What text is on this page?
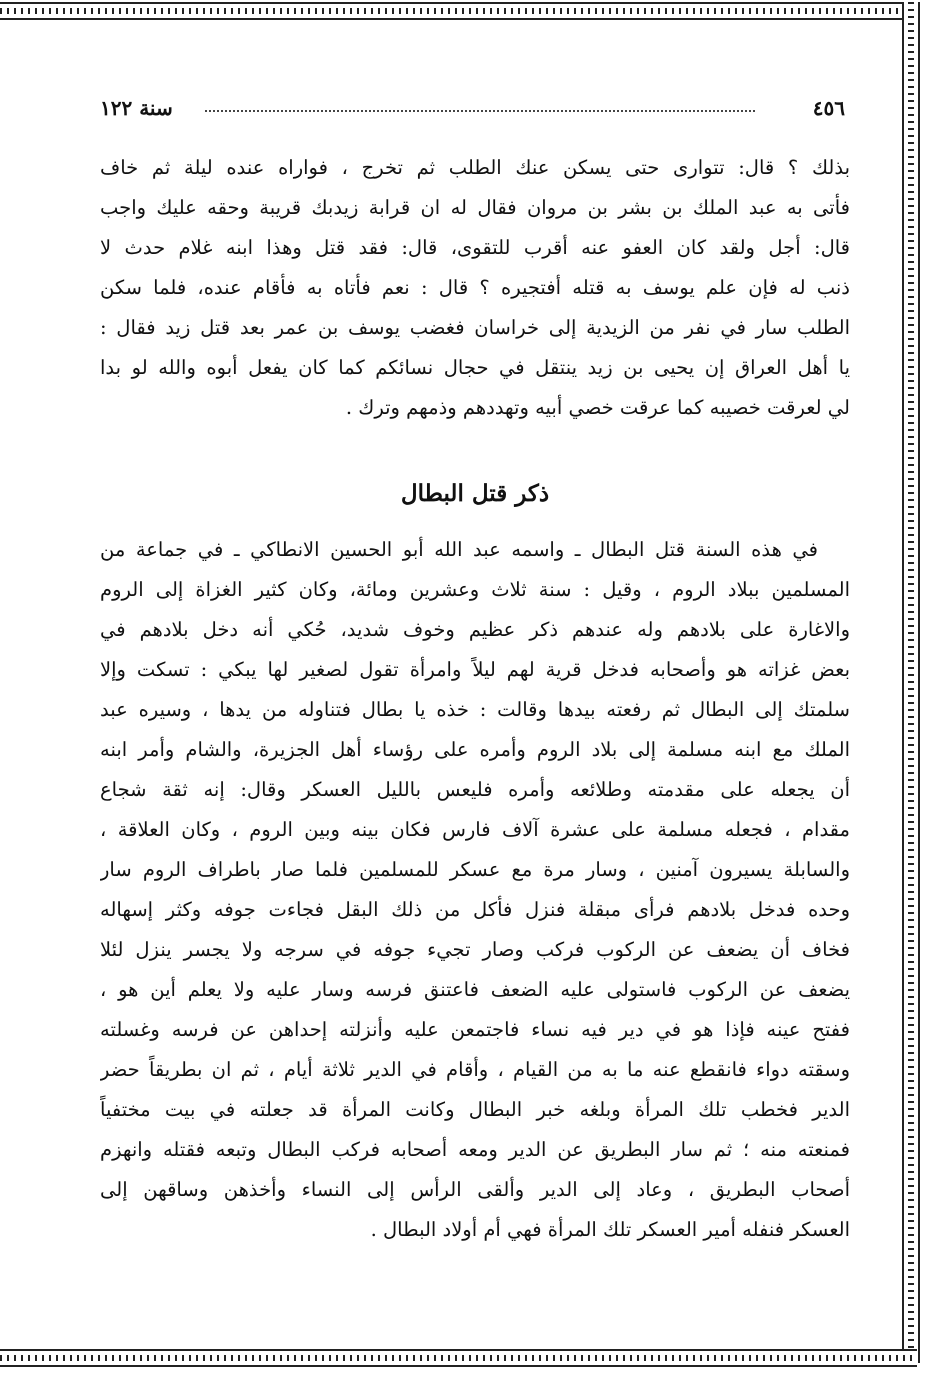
٤٥٦
سنة ١٢٢
بذلك ؟ قال: تتوارى حتى يسكن عنك الطلب ثم تخرج ، فواراه عنده ليلة ثم خاف
فأتى به عبد الملك بن بشر بن مروان فقال له ان قرابة زيدبك قريبة وحقه عليك واجب
قال: أجل ولقد كان العفو عنه أقرب للتقوى، قال: فقد قتل وهذا ابنه غلام حدث لا
ذنب له فإن علم يوسف به قتله أفتجيره ؟ قال : نعم فأتاه به فأقام عنده، فلما سكن
الطلب سار في نفر من الزيدية إلى خراسان فغضب يوسف بن عمر بعد قتل زيد فقال :
يا أهل العراق إن يحيى بن زيد ينتقل في حجال نسائكم كما كان يفعل أبوه والله لو بدا
لي لعرقت خصيبه كما عرقت خصي أبيه وتهددهم وذمهم وترك .
ذكر قتل البطال
في هذه السنة قتل البطال ـ واسمه عبد الله أبو الحسين الانطاكي ـ في جماعة من
المسلمين ببلاد الروم ، وقيل : سنة ثلاث وعشرين ومائة، وكان كثير الغزاة إلى الروم
والاغارة على بلادهم وله عندهم ذكر عظيم وخوف شديد، حُكي أنه دخل بلادهم في
بعض غزاته هو وأصحابه فدخل قرية لهم ليلاً وامرأة تقول لصغير لها يبكي : تسكت وإلا
سلمتك إلى البطال ثم رفعته بيدها وقالت : خذه يا بطال فتناوله من يدها ، وسيره عبد
الملك مع ابنه مسلمة إلى بلاد الروم وأمره على رؤساء أهل الجزيرة، والشام وأمر ابنه
أن يجعله على مقدمته وطلائعه وأمره فليعس بالليل العسكر وقال: إنه ثقة شجاع
مقدام ، فجعله مسلمة على عشرة آلاف فارس فكان بينه وبين الروم ، وكان العلاقة ،
والسابلة يسيرون آمنين ، وسار مرة مع عسكر للمسلمين فلما صار باطراف الروم سار
وحده فدخل بلادهم فرأى مبقلة فنزل فأكل من ذلك البقل فجاءت جوفه وكثر إسهاله
فخاف أن يضعف عن الركوب فركب وصار تجيء جوفه في سرجه ولا يجسر ينزل لئلا
يضعف عن الركوب فاستولى عليه الضعف فاعتنق فرسه وسار عليه ولا يعلم أين هو ،
ففتح عينه فإذا هو في دير فيه نساء فاجتمعن عليه وأنزلته إحداهن عن فرسه وغسلته
وسقته دواء فانقطع عنه ما به من القيام ، وأقام في الدير ثلاثة أيام ، ثم ان بطريقاً حضر
الدير فخطب تلك المرأة وبلغه خبر البطال وكانت المرأة قد جعلته في بيت مختفياً
فمنعته منه ؛ ثم سار البطريق عن الدير ومعه أصحابه فركب البطال وتبعه فقتله وانهزم
أصحاب البطريق ، وعاد إلى الدير وألقى الرأس إلى النساء وأخذهن وساقهن إلى
العسكر فنفله أمير العسكر تلك المرأة فهي أم أولاد البطال .
